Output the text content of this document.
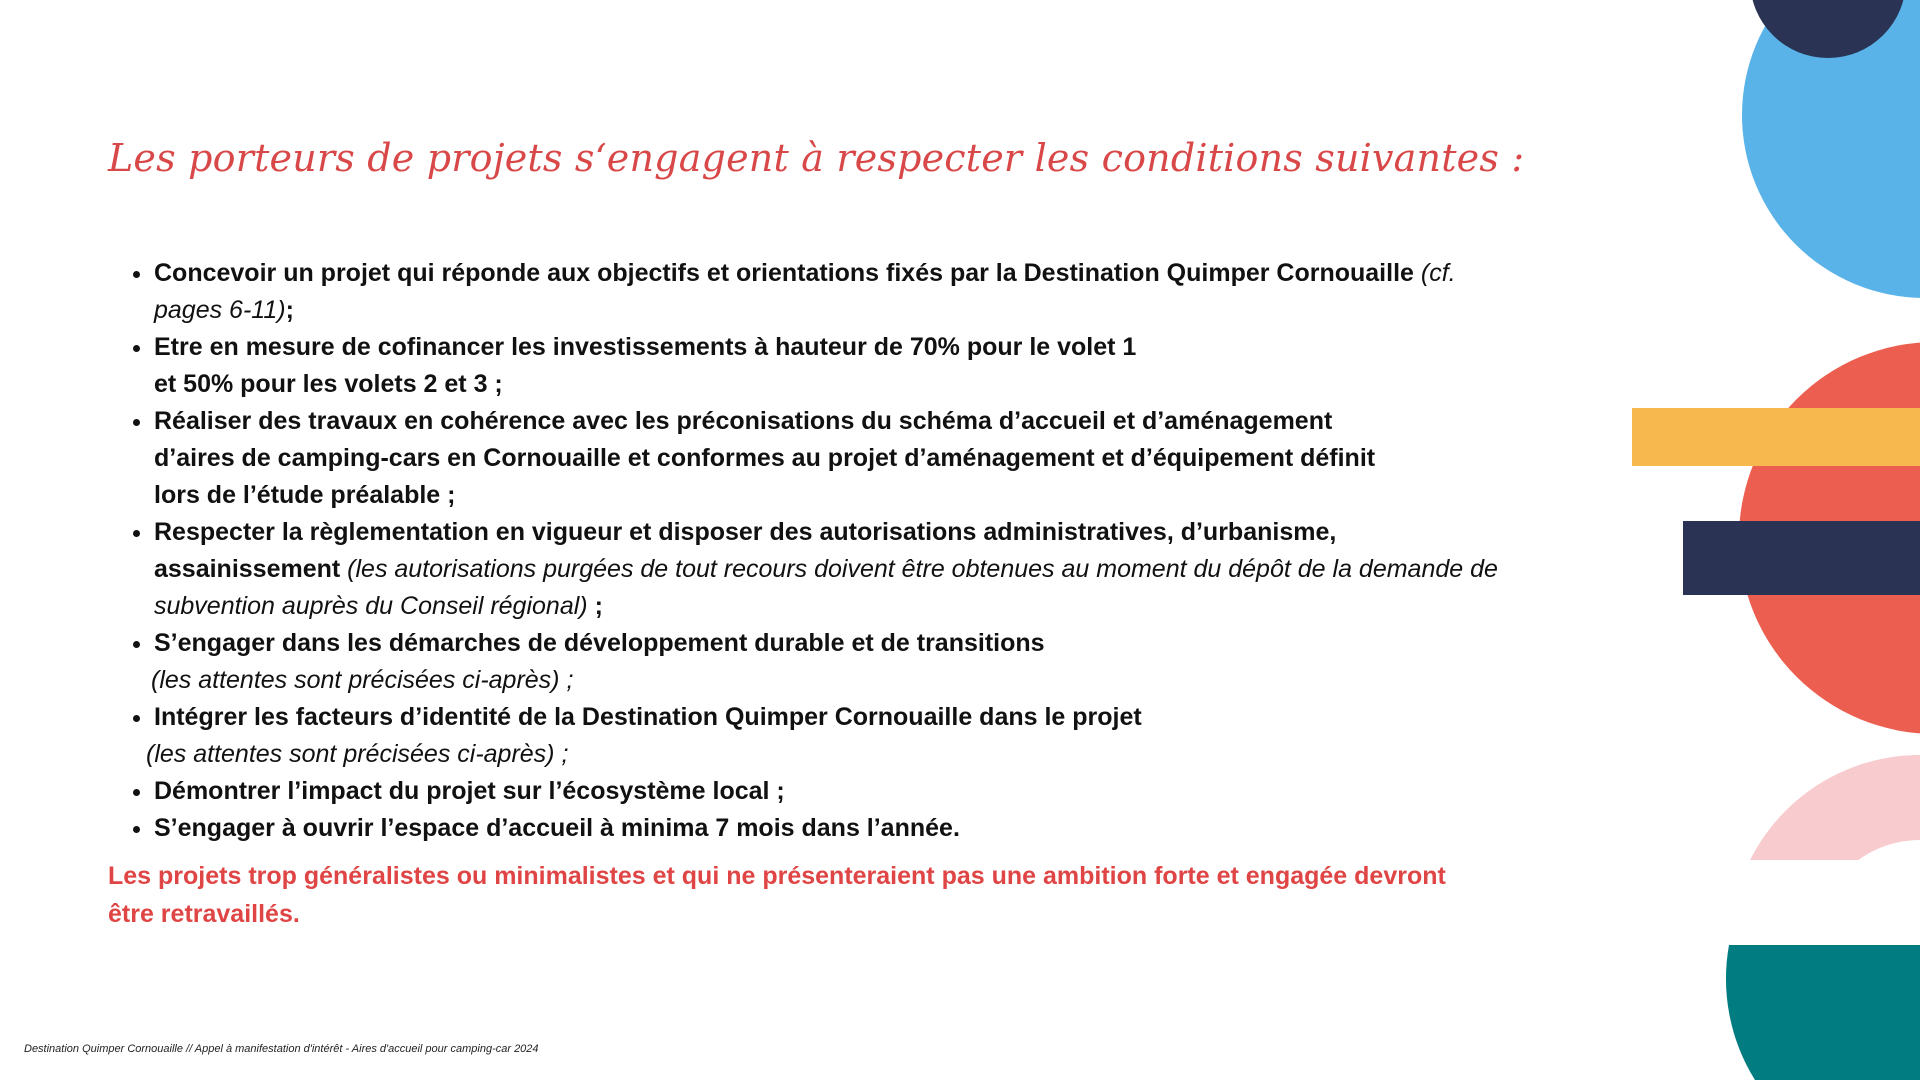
Les porteurs de projets s‘engagent à respecter les conditions suivantes :
• Concevoir un projet qui réponde aux objectifs et orientations fixés par la Destination Quimper Cornouaille (cf.
pages 6-11);
• Etre en mesure de cofinancer les investissements à hauteur de 70% pour le volet 1
et 50% pour les volets 2 et 3 ;
• Réaliser des travaux en cohérence avec les préconisations du schéma d’accueil et d’aménagement
d’aires de camping-cars en Cornouaille et conformes au projet d’aménagement et d’équipement définit
lors de l’étude préalable ;
• Respecter la règlementation en vigueur et disposer des autorisations administratives, d’urbanisme,
assainissement (les autorisations purgées de tout recours doivent être obtenues au moment du dépôt de la demande de
subvention auprès du Conseil régional) ;
• S’engager dans les démarches de développement durable et de transitions
(les attentes sont précisées ci-après) ;
• Intégrer les facteurs d’identité de la Destination Quimper Cornouaille dans le projet
(les attentes sont précisées ci-après) ;
• Démontrer l’impact du projet sur l’écosystème local ;
• S’engager à ouvrir l’espace d’accueil à minima 7 mois dans l’année.

Les projets trop généralistes ou minimalistes et qui ne présenteraient pas une ambition forte et engagée devront
être retravaillés.

Destination Quimper Cornouaille // Appel à manifestation d'intérêt - Aires d'accueil pour camping-car 2024
